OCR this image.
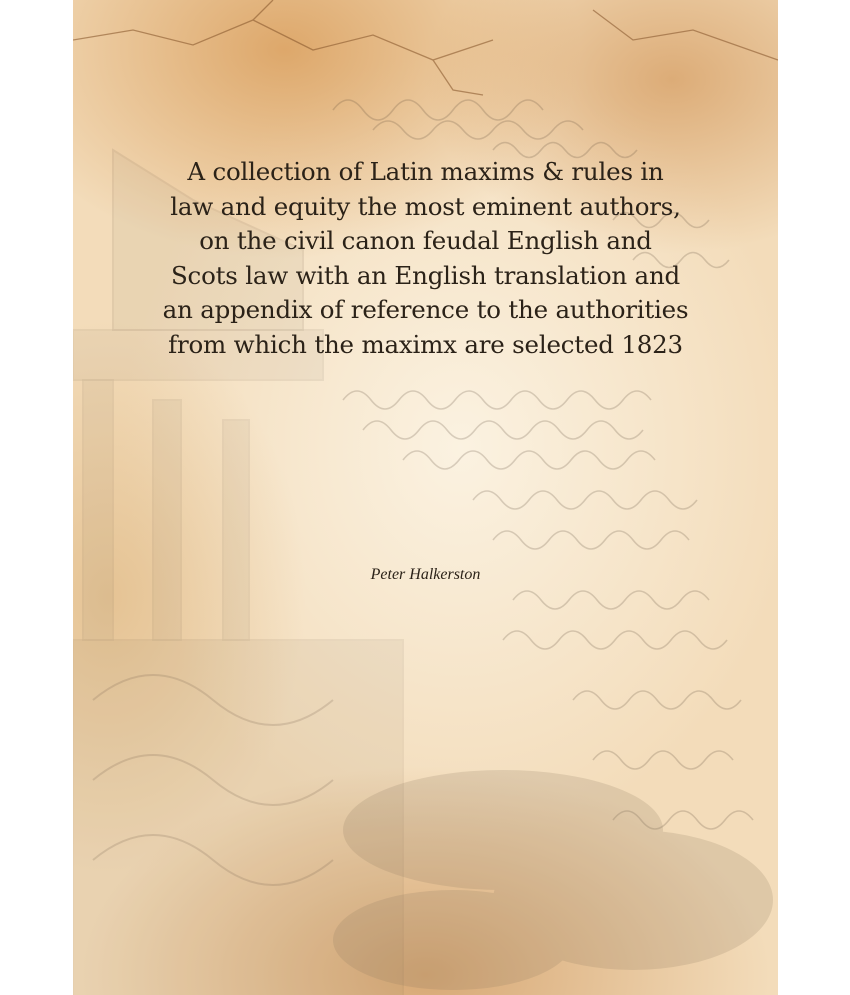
A collection of Latin maxims & rules in
law and equity the most eminent authors,
on the civil canon feudal English and
Scots law with an English translation and
an appendix of reference to the authorities
from which the maximx are selected 1823
Peter Halkerston
